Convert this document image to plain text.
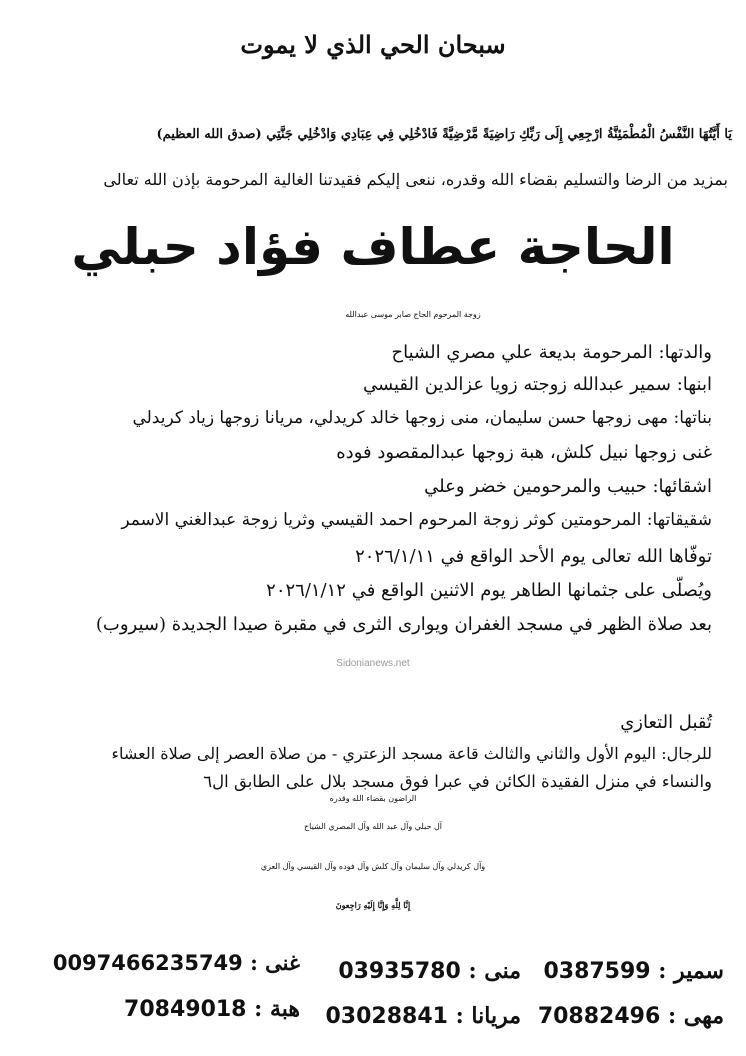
سبحان الحي الذي لا يموت
يَا أَيَّتُهَا النَّفْسُ الْمُطْمَئِنَّةُ ارْجِعِي إِلَى رَبِّكِ رَاضِيَةً مَّرْضِيَّةً فَادْخُلِي فِي عِبَادِي وَادْخُلِي جَنَّتِي (صدق الله العظيم)
بمزيد من الرضا والتسليم بقضاء الله وقدره، ننعى إليكم فقيدتنا الغالية المرحومة بإذن الله تعالى
الحاجة عطاف فؤاد حبلي
زوجة المرحوم الحاج صابر موسى عبدالله
والدتها: المرحومة بديعة علي مصري الشياح
ابنها: سمير عبدالله زوجته زويا عزالدين القيسي
بناتها: مهى زوجها حسن سليمان، منى زوجها خالد كريدلي، مريانا زوجها زياد كريدلي
غنى زوجها نبيل كلش، هبة زوجها عبدالمقصود فوده
اشقائها: حبيب والمرحومين خضر وعلي
شقيقاتها: المرحومتين كوثر زوجة المرحوم احمد القيسي وثريا زوجة عبدالغني الاسمر
توفّاها الله تعالى يوم الأحد الواقع في ٢٠٢٦/١/١١
ويُصلّى على جثمانها الطاهر يوم الاثنين الواقع في ٢٠٢٦/١/١٢
بعد صلاة الظهر في مسجد الغفران ويوارى الثرى في مقبرة صيدا الجديدة (سيروب)
Sidonianews.net
تُقبل التعازي
للرجال: اليوم الأول والثاني والثالث قاعة مسجد الزعتري - من صلاة العصر إلى صلاة العشاء
والنساء في منزل الفقيدة الكائن في عبرا فوق مسجد بلال على الطابق ال٦
الراضون بقضاء الله وقدره
آل حبلي وآل عبد الله وآل المصري الشياح
وآل كريدلي وآل سليمان وآل كلش وآل فوده وآل القيسي وآل العزي
إِنَّا لِلَّهِ وَإِنَّا إِلَيْهِ رَاجِعونَ
سمير : 0387599
مهى : 70882496
منى : 03935780
مريانا : 03028841
غنى : 0097466235749
هبة : 70849018
